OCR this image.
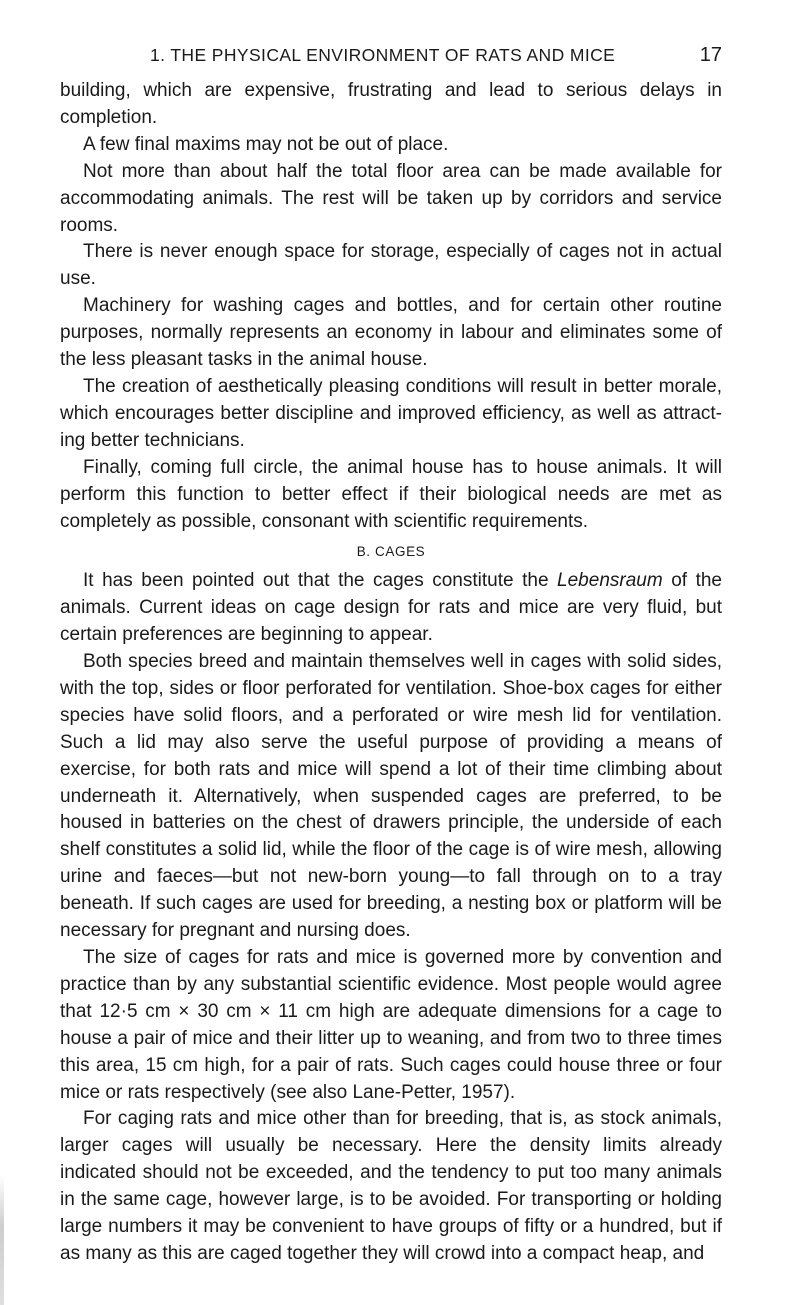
1. THE PHYSICAL ENVIRONMENT OF RATS AND MICE	17

building, which are expensive, frustrating and lead to serious delays in completion.

A few final maxims may not be out of place.

Not more than about half the total floor area can be made available for accommodating animals. The rest will be taken up by corridors and service rooms.

There is never enough space for storage, especially of cages not in actual use.

Machinery for washing cages and bottles, and for certain other routine purposes, normally represents an economy in labour and eliminates some of the less pleasant tasks in the animal house.

The creation of aesthetically pleasing conditions will result in better morale, which encourages better discipline and improved efficiency, as well as attracting better technicians.

Finally, coming full circle, the animal house has to house animals. It will perform this function to better effect if their biological needs are met as completely as possible, consonant with scientific requirements.

B. CAGES

It has been pointed out that the cages constitute the Lebensraum of the animals. Current ideas on cage design for rats and mice are very fluid, but certain preferences are beginning to appear.

Both species breed and maintain themselves well in cages with solid sides, with the top, sides or floor perforated for ventilation. Shoe-box cages for either species have solid floors, and a perforated or wire mesh lid for ventilation. Such a lid may also serve the useful purpose of providing a means of exercise, for both rats and mice will spend a lot of their time climbing about underneath it. Alternatively, when suspended cages are preferred, to be housed in batteries on the chest of drawers principle, the underside of each shelf constitutes a solid lid, while the floor of the cage is of wire mesh, allowing urine and faeces—but not new-born young—to fall through on to a tray beneath. If such cages are used for breeding, a nesting box or platform will be necessary for pregnant and nursing does.

The size of cages for rats and mice is governed more by convention and practice than by any substantial scientific evidence. Most people would agree that 12·5 cm × 30 cm × 11 cm high are adequate dimensions for a cage to house a pair of mice and their litter up to weaning, and from two to three times this area, 15 cm high, for a pair of rats. Such cages could house three or four mice or rats respectively (see also Lane-Petter, 1957).

For caging rats and mice other than for breeding, that is, as stock animals, larger cages will usually be necessary. Here the density limits already indicated should not be exceeded, and the tendency to put too many animals in the same cage, however large, is to be avoided. For transporting or holding large numbers it may be convenient to have groups of fifty or a hundred, but if as many as this are caged together they will crowd into a compact heap, and
